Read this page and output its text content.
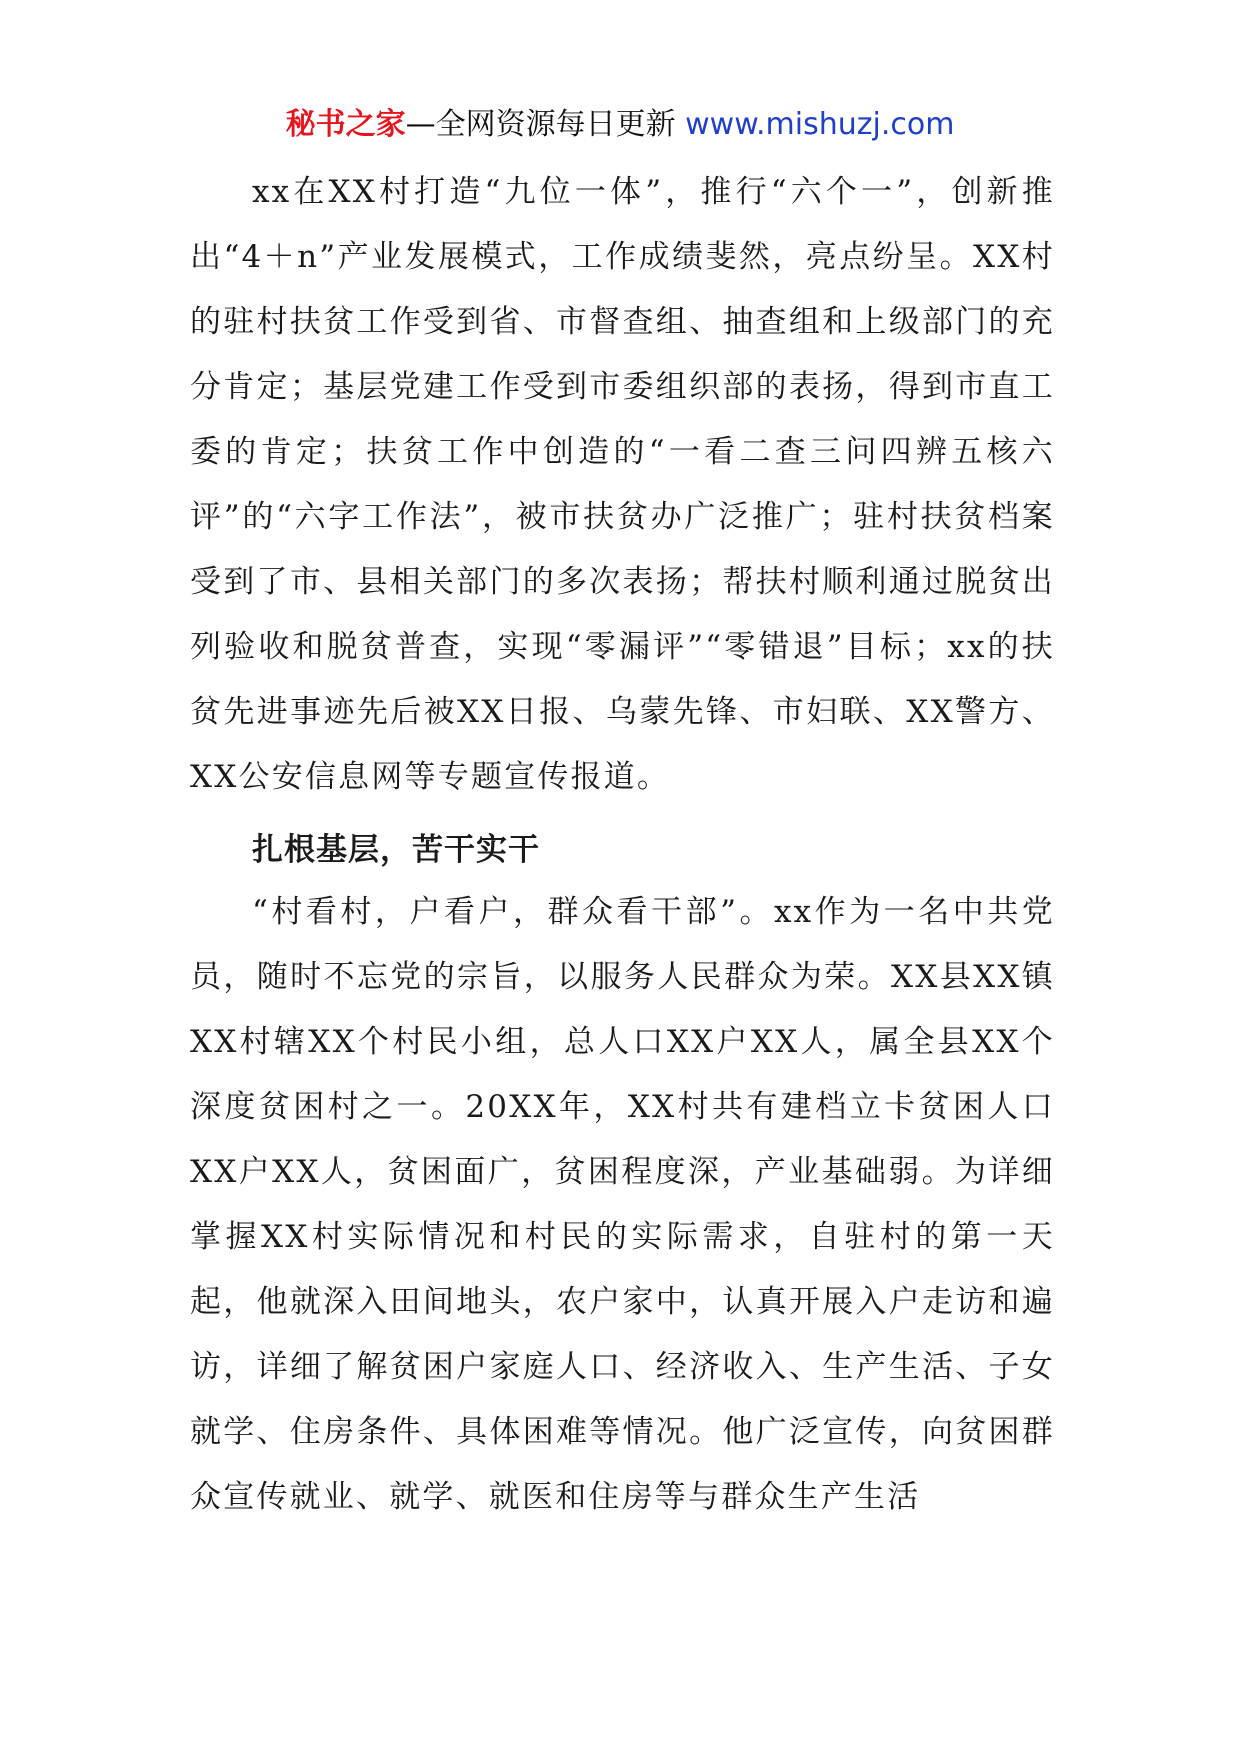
秘书之家—全网资源每日更新 www.mishuzj.com

xx在XX村打造“九位一体”，推行“六个一”，创新推出“4＋n”产业发展模式，工作成绩斐然，亮点纷呈。XX村的驻村扶贫工作受到省、市督查组、抽查组和上级部门的充分肯定；基层党建工作受到市委组织部的表扬，得到市直工委的肯定；扶贫工作中创造的“一看二查三问四辨五核六评”的“六字工作法”，被市扶贫办广泛推广；驻村扶贫档案受到了市、县相关部门的多次表扬；帮扶村顺利通过脱贫出列验收和脱贫普查，实现“零漏评”“零错退”目标；xx的扶贫先进事迹先后被XX日报、乌蒙先锋、市妇联、XX警方、XX公安信息网等专题宣传报道。

扎根基层，苦干实干

“村看村，户看户，群众看干部”。xx作为一名中共党员，随时不忘党的宗旨，以服务人民群众为荣。XX县XX镇XX村辖XX个村民小组，总人口XX户XX人，属全县XX个深度贫困村之一。20XX年，XX村共有建档立卡贫困人口XX户XX人，贫困面广，贫困程度深，产业基础弱。为详细掌握XX村实际情况和村民的实际需求，自驻村的第一天起，他就深入田间地头，农户家中，认真开展入户走访和遍访，详细了解贫困户家庭人口、经济收入、生产生活、子女就学、住房条件、具体困难等情况。他广泛宣传，向贫困群众宣传就业、就学、就医和住房等与群众生产生活
